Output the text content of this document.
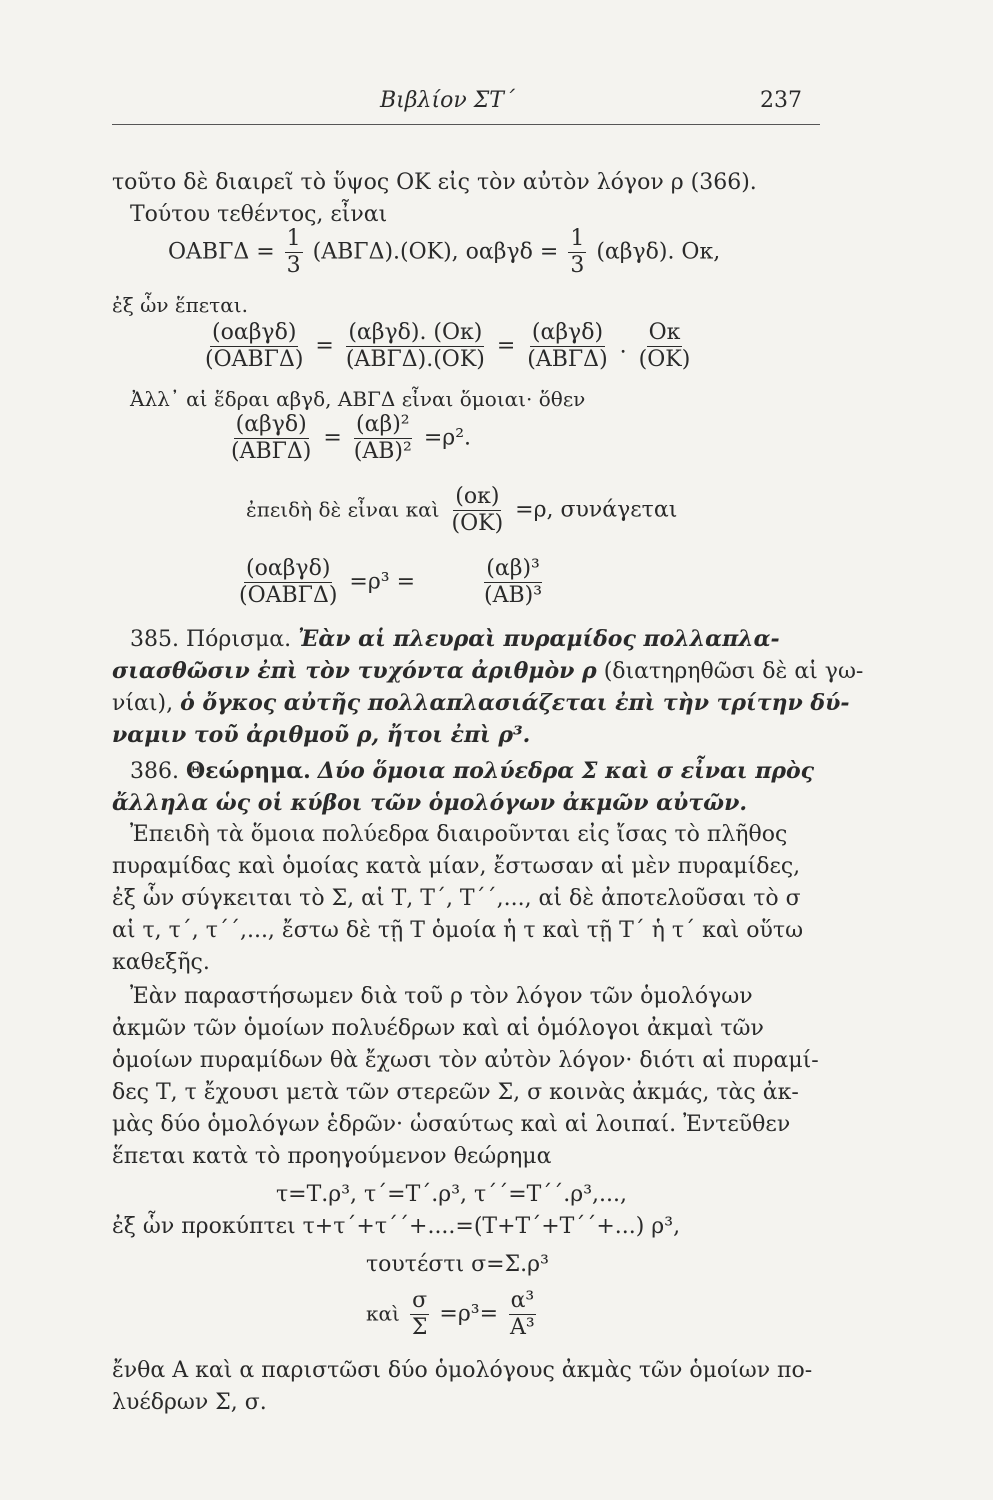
Βιβλίον ΣΤ΄	237
τοῦτο δὲ διαιρεῖ τὸ ὕψος ΟΚ εἰς τὸν αὐτὸν λόγον ρ (366).
Τούτου τεθέντος, εἶναι
$OAB\Gamma\Delta = \frac{1}{3} (AB\Gamma\Delta).(OK)$, $o\alpha\beta\gamma\delta = \frac{1}{3} (\alpha\beta\gamma\delta)$. Οκ,
ἐξ ὧν ἕπεται.
$\frac{\text{(οαβγδ)}}{\text{(ΟΑΒΓΔ)}} = \frac{\text{(αβγδ). (Οκ)}}{\text{(ΑΒΓΔ).(ΟΚ)}} = \frac{\text{(αβγδ)}}{\text{(ΑΒΓΔ)}}$ . $\frac{O\kappa}{(OK)}$
Ἀλλ᾽ αἱ ἕδραι αβγδ, ΑΒΓΔ εἶναι ὅμοιαι· ὅθεν
$\frac{\text{(αβγδ)}}{\text{(ΑΒΓΔ)}} = \frac{\text{(αβ)²}}{\text{(ΑΒ)²}} =\rho^2$.
ἐπειδὴ δὲ εἶναι καὶ $\frac{(o\kappa)}{(OK)} =\rho$, συνάγεται
$\frac{\text{(οαβγδ)}}{\text{(ΟΑΒΓΔ)}} =\rho^3$ =	$\frac{\text{(αβ)³}}{\text{(ΑΒ)³}}$
385. Πόρισμα. Ἐὰν αἱ πλευραὶ πυραμίδος πολλαπλα-
σιασθῶσιν ἐπὶ τὸν τυχόντα ἀριθμὸν ρ (διατηρηθῶσι δὲ αἱ γω-
νίαι), ὁ ὄγκος αὐτῆς πολλαπλασιάζεται ἐπὶ τὴν τρίτην δύ-
ναμιν τοῦ ἀριθμοῦ ρ, ἤτοι ἐπὶ ρ³.
386. Θεώρημα. Δύο ὅμοια πολύεδρα Σ καὶ σ εἶναι πρὸς
ἄλληλα ὡς οἱ κύβοι τῶν ὁμολόγων ἀκμῶν αὐτῶν.
Ἐπειδὴ τὰ ὅμοια πολύεδρα διαιροῦνται εἰς ἴσας τὸ πλῆθος
πυραμίδας καὶ ὁμοίας κατὰ μίαν, ἔστωσαν αἱ μὲν πυραμίδες,
ἐξ ὧν σύγκειται τὸ Σ, αἱ Τ, Τ΄, Τ΄΄,..., αἱ δὲ ἀποτελοῦσαι τὸ σ
αἱ τ, τ΄, τ΄΄,..., ἔστω δὲ τῇ Τ ὁμοία ἡ τ καὶ τῇ Τ΄ ἡ τ΄ καὶ οὕτω
καθεξῆς.
Ἐὰν παραστήσωμεν διὰ τοῦ ρ τὸν λόγον τῶν ὁμολόγων
ἀκμῶν τῶν ὁμοίων πολυέδρων καὶ αἱ ὁμόλογοι ἀκμαὶ τῶν
ὁμοίων πυραμίδων θὰ ἔχωσι τὸν αὐτὸν λόγον· διότι αἱ πυραμί-
δες Τ, τ ἔχουσι μετὰ τῶν στερεῶν Σ, σ κοινὰς ἀκμάς, τὰς ἀκ-
μὰς δύο ὁμολόγων ἑδρῶν· ὡσαύτως καὶ αἱ λοιπαί. Ἐντεῦθεν
ἕπεται κατὰ τὸ προηγούμενον θεώρημα
τ=Τ.ρ³, τ΄=Τ΄.ρ³, τ΄΄=Τ΄΄.ρ³,...,
ἐξ ὧν προκύπτει τ+τ΄+τ΄΄+....=(Τ+Τ΄+Τ΄΄+...) ρ³,
τουτέστι σ=Σ.ρ³
καὶ $\frac{\sigma}{\Sigma} =\rho^3= \frac{\text{α³}}{\text{Α³}}$
ἔνθα Α καὶ α παριστῶσι δύο ὁμολόγους ἀκμὰς τῶν ὁμοίων πο-
λυέδρων Σ, σ.
